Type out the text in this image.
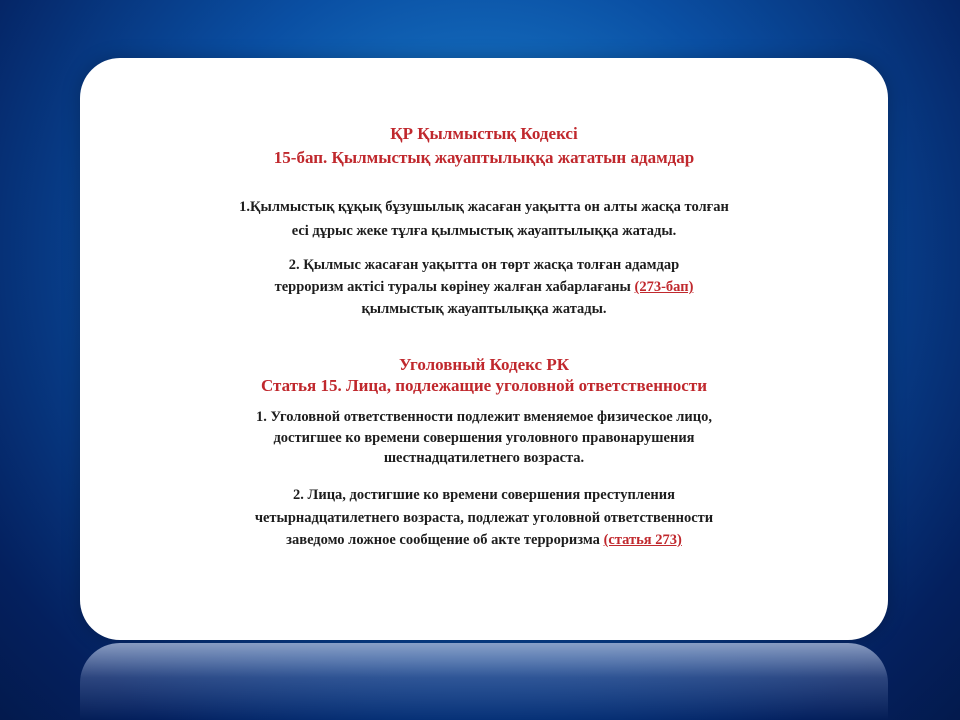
ҚР Қылмыстық Кодексі

15-бап. Қылмыстық жауаптылыққа жататын адамдар

1.Қылмыстық құқық бұзушылық жасаған уақытта он алты жасқа толған

есі дұрыс жеке тұлға қылмыстық жауаптылыққа жатады.

2. Қылмыс жасаған уақытта он төрт жасқа толған адамдар

терроризм актісі туралы көрінеу жалған хабарлағаны (273-бап)

қылмыстық жауаптылыққа жатады.

Уголовный Кодекс РК

Статья 15. Лица, подлежащие уголовной ответственности

1. Уголовной ответственности подлежит вменяемое физическое лицо,

достигшее ко времени совершения уголовного правонарушения

шестнадцатилетнего возраста.

2. Лица, достигшие ко времени совершения преступления

четырнадцатилетнего возраста, подлежат уголовной ответственности

заведомо ложное сообщение об акте терроризма (статья 273)
